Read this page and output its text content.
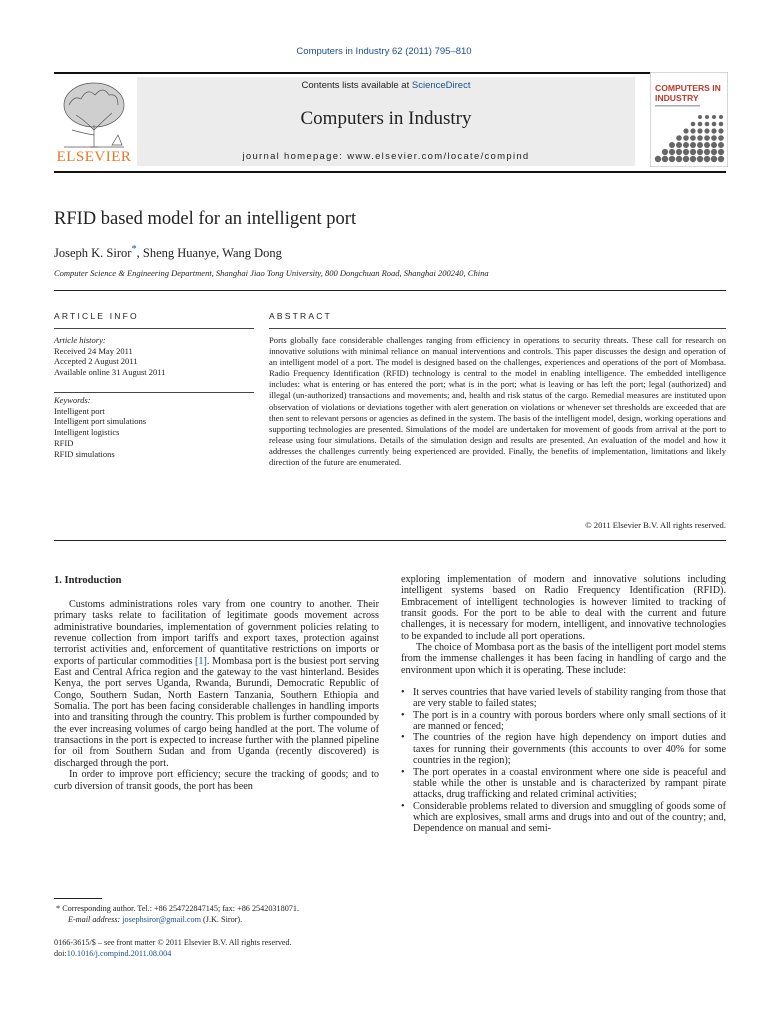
Computers in Industry 62 (2011) 795–810
ELSEVIER
Contents lists available at ScienceDirect
Computers in Industry
journal homepage: www.elsevier.com/locate/compind
COMPUTERS IN
INDUSTRY
RFID based model for an intelligent port
Joseph K. Siror*, Sheng Huanye, Wang Dong
Computer Science & Engineering Department, Shanghai Jiao Tong University, 800 Dongchuan Road, Shanghai 200240, China
ARTICLE INFO	ABSTRACT
Article history:
Received 24 May 2011
Accepted 2 August 2011
Available online 31 August 2011
Keywords:
Intelligent port
Intelligent port simulations
Intelligent logistics
RFID
RFID simulations
Ports globally face considerable challenges ranging from efficiency in operations to security threats. These call for research on innovative solutions with minimal reliance on manual interventions and controls. This paper discusses the design and operation of an intelligent model of a port. The model is designed based on the challenges, experiences and operations of the port of Mombasa. Radio Frequency Identification (RFID) technology is central to the model in enabling intelligence. The embedded intelligence includes: what is entering or has entered the port; what is in the port; what is leaving or has left the port; legal (authorized) and illegal (un-authorized) transactions and movements; and, health and risk status of the cargo. Remedial measures are instituted upon observation of violations or deviations together with alert generation on violations or whenever set thresholds are exceeded that are then sent to relevant persons or agencies as defined in the system. The basis of the intelligent model, design, working operations and supporting technologies are presented. Simulations of the model are undertaken for movement of goods from arrival at the port to release using four simulations. Details of the simulation design and results are presented. An evaluation of the model and how it addresses the challenges currently being experienced are provided. Finally, the benefits of implementation, limitations and likely direction of the future are enumerated.
© 2011 Elsevier B.V. All rights reserved.
1. Introduction

Customs administrations roles vary from one country to another. Their primary tasks relate to facilitation of legitimate goods movement across administrative boundaries, implementation of government policies relating to revenue collection from import tariffs and export taxes, protection against terrorist activities and, enforcement of quantitative restrictions on imports or exports of particular commodities [1]. Mombasa port is the busiest port serving East and Central Africa region and the gateway to the vast hinterland. Besides Kenya, the port serves Uganda, Rwanda, Burundi, Democratic Republic of Congo, Southern Sudan, North Eastern Tanzania, Southern Ethiopia and Somalia. The port has been facing considerable challenges in handling imports into and transiting through the country. This problem is further compounded by the ever increasing volumes of cargo being handled at the port. The volume of transactions in the port is expected to increase further with the planned pipeline for oil from Southern Sudan and from Uganda (recently discovered) is discharged through the port.

In order to improve port efficiency; secure the tracking of goods; and to curb diversion of transit goods, the port has been

exploring implementation of modern and innovative solutions including intelligent systems based on Radio Frequency Identification (RFID). Embracement of intelligent technologies is however limited to tracking of transit goods. For the port to be able to deal with the current and future challenges, it is necessary for modern, intelligent, and innovative technologies to be expanded to include all port operations.

The choice of Mombasa port as the basis of the intelligent port model stems from the immense challenges it has been facing in handling of cargo and the environment upon which it is operating. These include:

• It serves countries that have varied levels of stability ranging from those that are very stable to failed states;
• The port is in a country with porous borders where only small sections of it are manned or fenced;
• The countries of the region have high dependency on import duties and taxes for running their governments (this accounts to over 40% for some countries in the region);
• The port operates in a coastal environment where one side is peaceful and stable while the other is unstable and is characterized by rampant pirate attacks, drug trafficking and related criminal activities;
• Considerable problems related to diversion and smuggling of goods some of which are explosives, small arms and drugs into and out of the country; and, Dependence on manual and semi-
* Corresponding author. Tel.: +86 254722847145; fax: +86 25420318071.
E-mail address: josephsiror@gmail.com (J.K. Siror).
0166-3615/$ – see front matter © 2011 Elsevier B.V. All rights reserved.
doi:10.1016/j.compind.2011.08.004
